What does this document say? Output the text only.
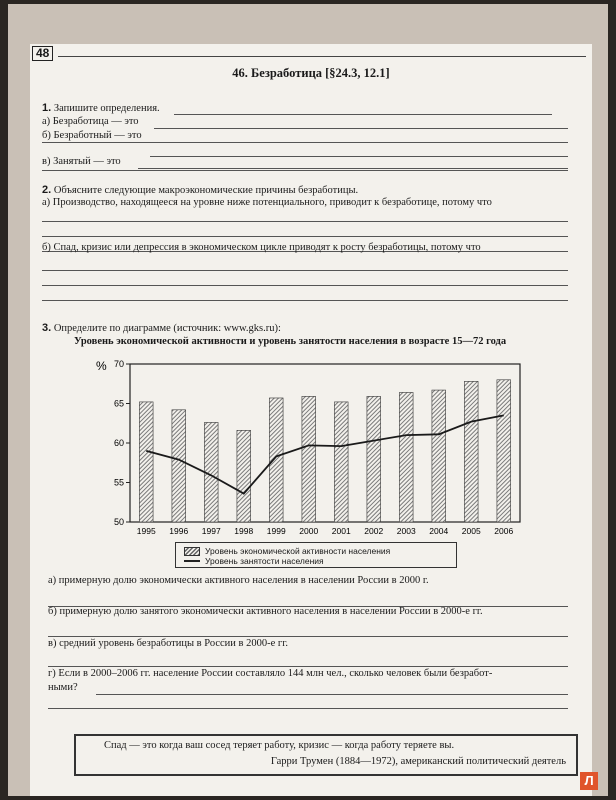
48
46. Безработица [§24.3, 12.1]
1. Запишите определения.
а) Безработица — это
б) Безработный — это
в) Занятый — это
2. Объясните следующие макроэкономические причины безработицы.
а) Производство, находящееся на уровне ниже потенциального, приводит к безработице, потому что
б) Спад, кризис или депрессия в экономическом цикле приводят к росту безработицы, потому что
3. Определите по диаграмме (источник: www.gks.ru):
Уровень экономической активности и уровень занятости населения в возрасте 15—72 года
50
55
60
65
70
%
1995 1996 1997 1998 1999 2000 2001 2002 2003 2004 2005 2006
Уровень экономической активности населения
Уровень занятости населения
а) примерную долю экономически активного населения в населении России в 2000 г.
б) примерную долю занятого экономически активного населения в населении России в 2000-е гг.
в) средний уровень безработицы в России в 2000-е гг.
г) Если в 2000–2006 гг. население России составляло 144 млн чел., сколько человек были безработ-
ными?
Спад — это когда ваш сосед теряет работу, кризис — когда работу теряете вы.
Гарри Трумен (1884—1972), американский политический деятель
Л
